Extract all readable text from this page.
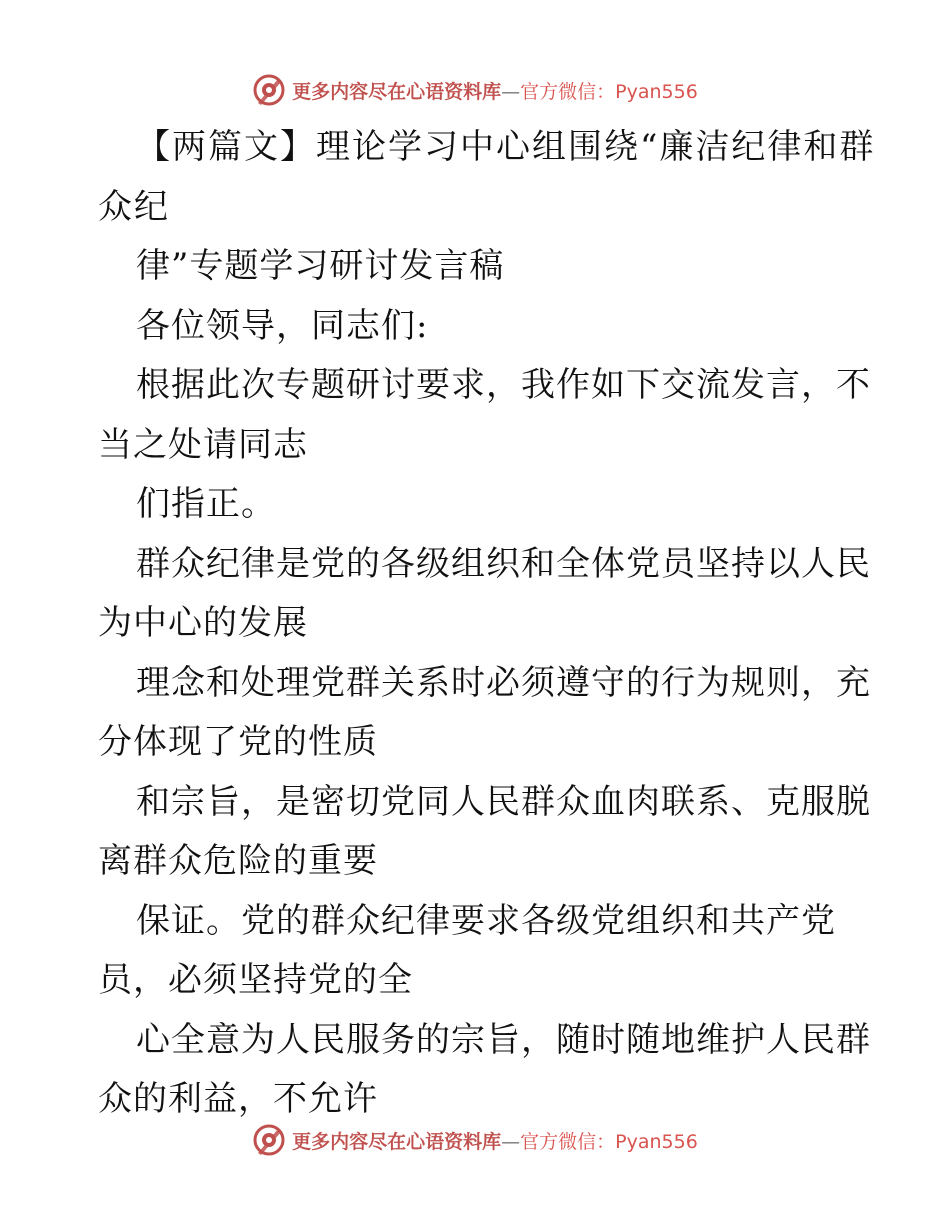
更多内容尽在心语资料库 — 官方微信：Pyan556
【两篇文】理论学习中心组围绕“廉洁纪律和群
众纪
律”专题学习研讨发言稿
各位领导，同志们:
根据此次专题研讨要求，我作如下交流发言，不
当之处请同志
们指正。
群众纪律是党的各级组织和全体党员坚持以人民
为中心的发展
理念和处理党群关系时必须遵守的行为规则，充
分体现了党的性质
和宗旨，是密切党同人民群众血肉联系、克服脱
离群众危险的重要
保证。党的群众纪律要求各级党组织和共产党
员，必须坚持党的全
心全意为人民服务的宗旨，随时随地维护人民群
众的利益，不允许
更多内容尽在心语资料库 — 官方微信：Pyan556
